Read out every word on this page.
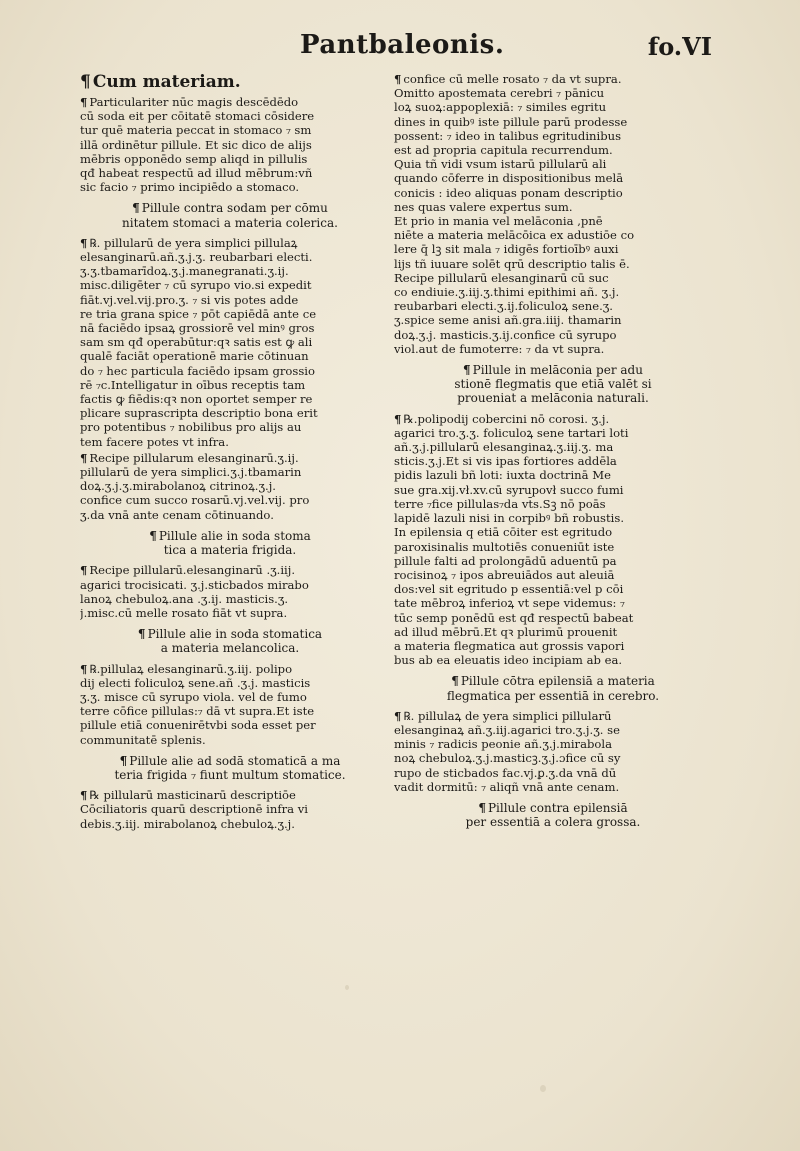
Pantbaleonis.	fo.VI
¶ Cum materiam.
¶ Particulariter nūc magis descēdēdo
cū soda eit per cōitatē stomaci cōsidere
tur quē materia peccat in stomaco ₇ sm
illā ordinētur pillule. Et sic dico de alijs
mēbris opponēdo semp aliqd in pillulis
qđ habeat respectū ad illud mēbrum:vñ
sic facio ₇ primo incipiēdo a stomaco.
¶ Pillule contra sodam per cōmu
nitatem stomaci a materia colerica.
¶ ℞. pillularū de yera simplici pillulaꝝ
elesanginarū.añ.ʒ.j.ʒ. reubarbari electi.
ʒ.ʒ.tbamarīdoꝝ.ʒ.j.manegranati.ʒ.ij.
misc.diligēter ₇ cū syrupo vio.si expedit
fiāt.vj.vel.vij.pro.ʒ. ₇ si vis potes adde
re tria grana spice ₇ pōt capiēdā ante ce
nā faciēdo ipsaꝝ grossiorē vel minꝰ gros
sam sm qđ operabūtur:qꝛ satis est ꝙ ali
qualē faciāt operationē marie cōtinuan
do ₇ hec particula faciēdo ipsam grossio
rē ₇c.Intelligatur in oībus receptis tam
factis ꝙ fiēdis:qꝛ non oportet semper re
plicare suprascripta descriptio bona erit
pro potentibus ₇ nobilibus pro alijs au
tem facere potes vt infra.
¶ Recipe pillularum elesanginarū.ʒ.ij.
pillularū de yera simplici.ʒ.j.tbamarin
doꝝ.ʒ.j.ʒ.mirabolanoꝝ citrinoꝝ.ʒ.j.
confice cum succo rosarū.vj.vel.vij. pro
ʒ.da vnā ante cenam cōtinuando.
¶ Pillule alie in soda stoma
tica a materia frigida.
¶ Recipe pillularū.elesanginarū .ʒ.iij.
agarici trocisicati. ʒ.j.sticbados mirabo
lanoꝝ chebuloꝝ.ana .ʒ.ij. masticis.ʒ.
j.misc.cū melle rosato fiāt vt supra.
¶ Pillule alie in soda stomatica
a materia melancolica.
¶ ℞.pillulaꝝ elesanginarū.ʒ.iij. polipo
dij electi foliculoꝝ sene.añ .ʒ.j. masticis
ʒ.ʒ. misce cū syrupo viola. vel de fumo
terre cōfice pillulas:₇ dā vt supra.Et iste
pillule etiā conuenirētvbi soda esset per
communitatē splenis.
¶ Pillule alie ad sodā stomaticā a ma
teria frigida ₇ fiunt multum stomatice.
¶ ℞ pillularū masticinarū descriptiōe
Cōciliatoris quarū descriptionē infra vi
debis.ʒ.iij. mirabolanoꝝ chebuloꝝ.ʒ.j.
¶ confice cū melle rosato ₇ da vt supra.
Omitto apostemata cerebri ₇ pānicu
loꝝ suoꝝ:appoplexiā: ₇ similes egritu
dines in quibꝰ iste pillule parū prodesse
possent: ₇ ideo in talibus egritudinibus
est ad propria capitula recurrendum.
Quia tñ vidi vsum istarū pillularū ali
quando cōferre in dispositionibus melā
conicis : ideo aliquas ponam descriptio
nes quas valere expertus sum.
Et prio in mania vel melāconia ,pnē
niēte a materia melācōica ex adustiōe co
lere q̄ lꝫ sit mala ₇ idigēs fortioībꝰ auxi
lijs tñ iuuare solēt qrū descriptio talis ē.
Recipe pillularū elesanginarū cū suc
co endiuie.ʒ.iij.ʒ.thimi epithimi añ. ʒ.j.
reubarbari electi.ʒ.ij.foliculoꝝ sene.ʒ.
ʒ.spice seme anisi añ.gra.iiij. thamarin
doꝝ.ʒ.j. masticis.ʒ.ij.confice cū syrupo
viol.aut de fumoterre: ₇ da vt supra.
¶ Pillule in melāconia per adu
stionē flegmatis que etiā valēt si
proueniat a melāconia naturali.
¶ ℞.polipodij cobercini nō corosi. ʒ.j.
agarici tro.ʒ.ʒ. foliculoꝝ sene tartari loti
añ.ʒ.j.pillularū elesanginaꝝ.ʒ.iij.ʒ. ma
sticis.ʒ.j.Et si vis ipas fortiores addēla
pidis lazuli bñ loti: iuxta doctrinā Me
sue gra.xij.vł.xv.cū syrupovł succo fumi
terre ₇fice pillulas₇da vt̄s.Sꝫ nō poās
lapidē lazuli nisi in corpibꝰ bñ robustis.
In epilensia q etiā cōiter est egritudo
paroxisinalis multotiēs conueniūt iste
pillule falti ad prolongādū aduentū pa
rocisinoꝝ ₇ ipos abreuiādos aut aleuiā
dos:vel sit egritudo p essentiā:vel p cōi
tate mēbroꝝ inferioꝝ vt sepe videmus: ₇
tūc semp ponēdū est qđ respectū babeat
ad illud mēbrū.Et qꝛ plurimū prouenit
a materia flegmatica aut grossis vapori
bus ab ea eleuatis ideo incipiam ab ea.
¶ Pillule cōtra epilensiā a materia
flegmatica per essentiā in cerebro.
¶ ℞. pillulaꝝ de yera simplici pillularū
elesanginaꝝ añ.ʒ.iij.agarici tro.ʒ.j.ʒ. se
minis ₇ radicis peonie añ.ʒ.j.mirabola
noꝝ chebuloꝝ.ʒ.j.masticꝫ.ʒ.j.ɔfice cū sy
rupo de sticbados fac.vj.ꝑ.ʒ.da vnā dū
vadit dormitū: ₇ aliqñ vnā ante cenam.
¶ Pillule contra epilensiā
per essentiā a colera grossa.
